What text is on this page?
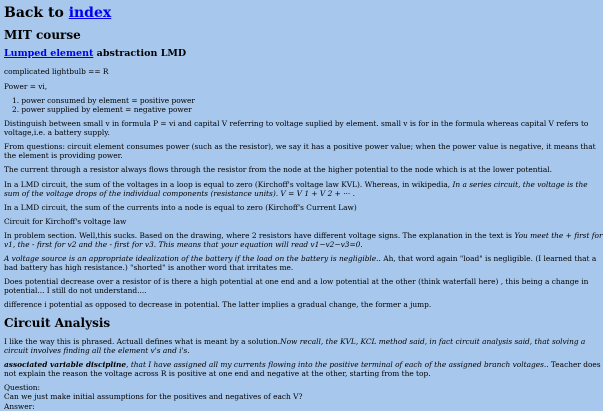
Back to index
MIT course
Lumped element abstraction LMD

complicated lightbulb == R

Power = vi,

1. power consumed by element = positive power
2. power supplied by element = negative power

Distinguish between small v in formula P = vi and capital V referring to voltage suplied by element. small v is for in the formula whereas capital V refers to
voltage,i.e. a battery supply.

From questions: circuit element consumes power (such as the resistor), we say it has a positive power value; when the power value is negative, it means that
the element is providing power.

The current through a resistor always flows through the resistor from the node at the higher potential to the node which is at the lower potential.

In a LMD circuit, the sum of the voltages in a loop is equal to zero (Kirchoff's voltage law KVL). Whereas, in wikipedia, In a series circuit, the voltage is the
sum of the voltage drops of the individual components (resistance units). V = V 1 + V 2 + ··· .

In a LMD circuit, the sum of the currents into a node is equal to zero (Kirchoff's Current Law)

Circuit for Kirchoff's voltage law

In problem section. Well,this sucks. Based on the drawing, where 2 resistors have different voltage signs. The explanation in the text is You meet the + first for
v1, the - first for v2 and the - first for v3. This means that your equation will read v1−v2−v3=0.

A voltage source is an appropriate idealization of the battery if the load on the battery is negligible.. Ah, that word again "load" is negligible. (I learned that a
bad battery has high resistance.) "shorted" is another word that irritates me.

Does potential decrease over a resistor of is there a high potential at one end and a low potential at the other (think waterfall here) , this being a change in
potential... I still do not understand....

difference i potential as opposed to decrease in potential. The latter implies a gradual change, the former a jump.

Circuit Analysis

I like the way this is phrased. Actuall defines what is meant by a solution.Now recall, the KVL, KCL method said, in fact circuit analysis said, that solving a
circuit involves finding all the element v's and i's.

associated variable discipline, that I have assigned all my currents flowing into the positive terminal of each of the assigned branch voltages.. Teacher does
not explain the reason the voltage across R is positive at one end and negative at the other, starting from the top.

Question:
Can we just make initial assumptions for the positives and negatives of each V?
Answer:
